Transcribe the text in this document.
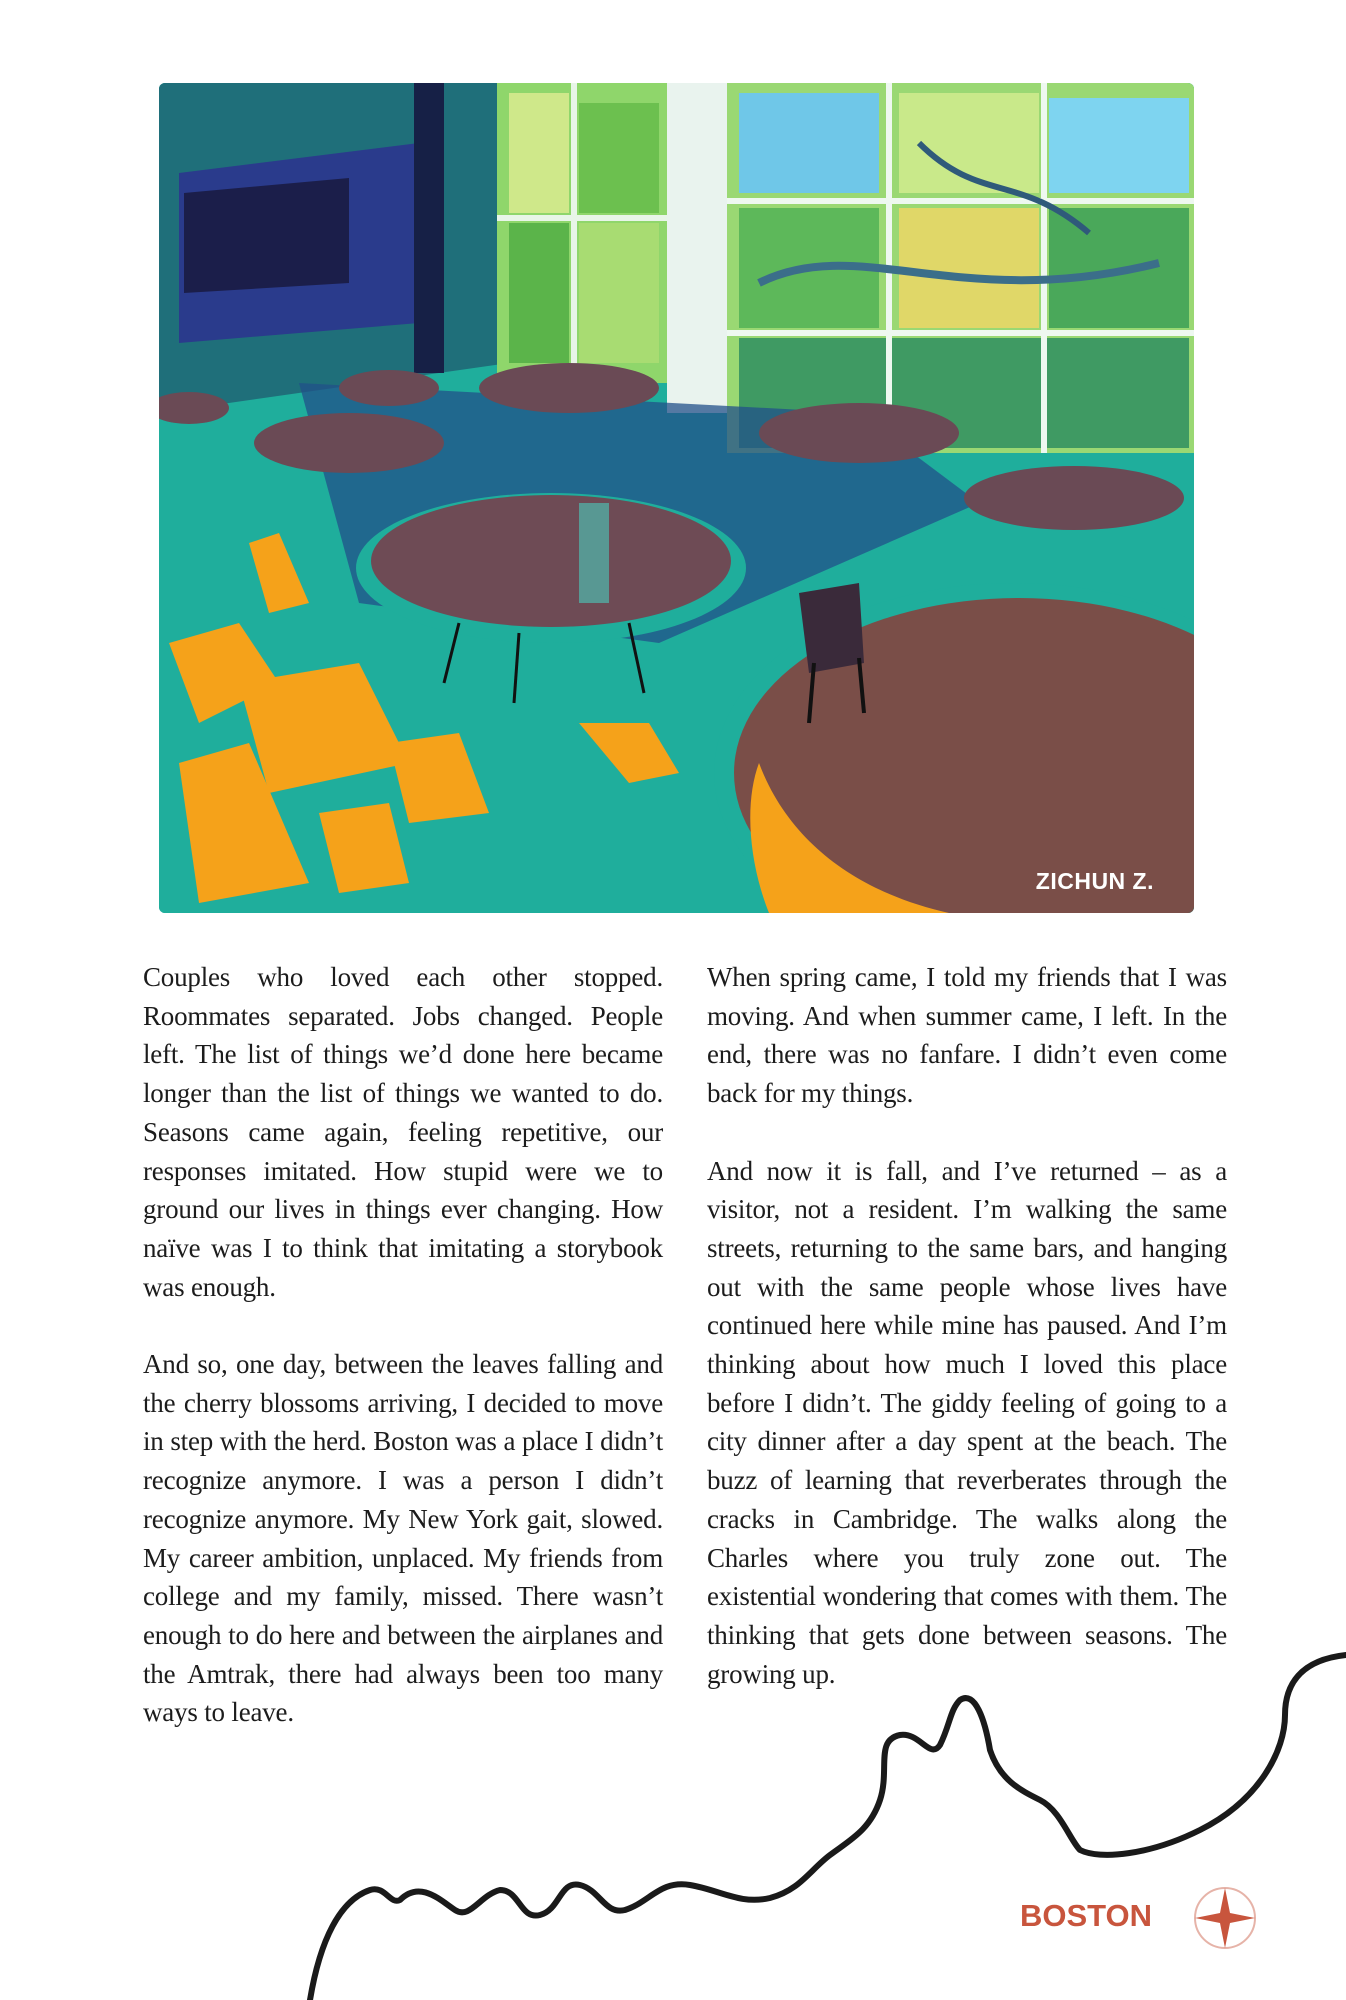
ZICHUN Z.

Couples who loved each other stopped. Roommates separated. Jobs changed. People left. The list of things we’d done here became longer than the list of things we wanted to do. Seasons came again, feeling repetitive, our responses imitated. How stupid were we to ground our lives in things ever changing. How naïve was I to think that imitating a storybook was enough.

And so, one day, between the leaves falling and the cherry blossoms arriving, I decided to move in step with the herd. Boston was a place I didn’t recognize anymore. I was a person I didn’t recognize anymore. My New York gait, slowed. My career ambition, unplaced. My friends from college and my family, missed. There wasn’t enough to do here and between the airplanes and the Amtrak, there had always been too many ways to leave.

When spring came, I told my friends that I was moving. And when summer came, I left. In the end, there was no fanfare. I didn’t even come back for my things.

And now it is fall, and I’ve returned – as a visitor, not a resident. I’m walking the same streets, returning to the same bars, and hanging out with the same people whose lives have continued here while mine has paused. And I’m thinking about how much I loved this place before I didn’t. The giddy feeling of going to a city dinner after a day spent at the beach. The buzz of learning that reverberates through the cracks in Cambridge. The walks along the Charles where you truly zone out. The existential wondering that comes with them. The thinking that gets done between seasons. The growing up.

BOSTON
